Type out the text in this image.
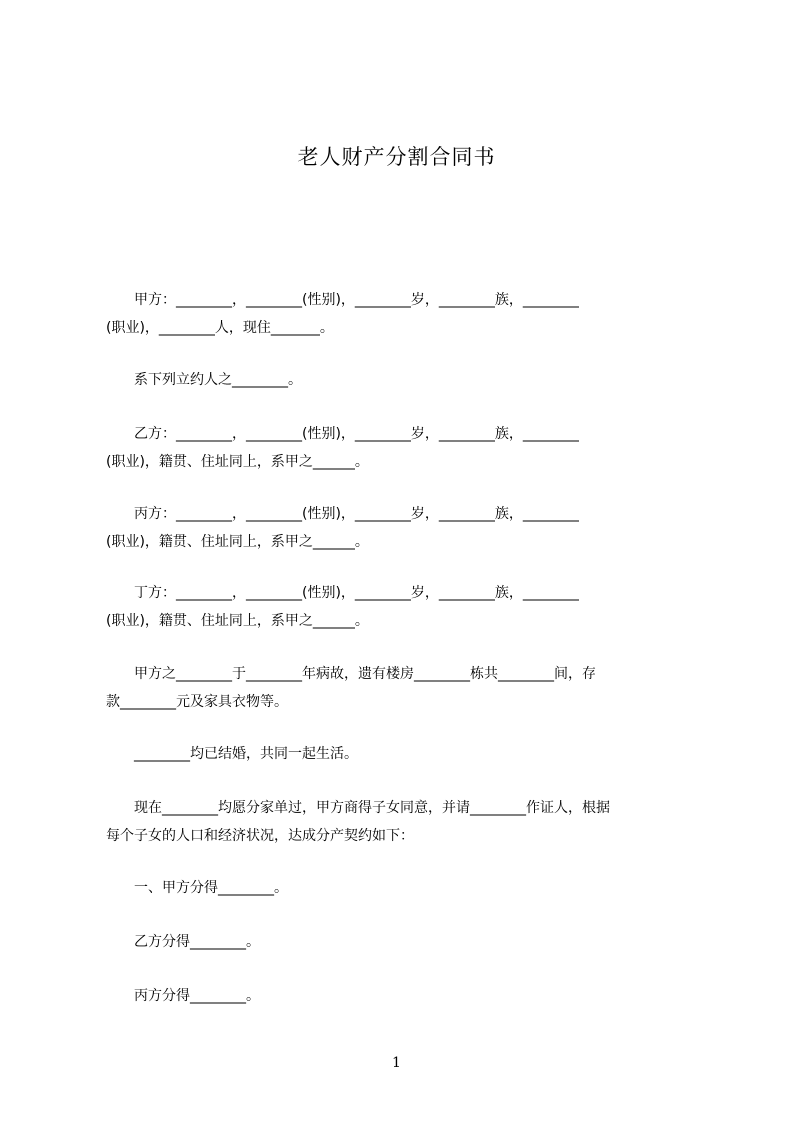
老人财产分割合同书

　　甲方：________，________(性别)，________岁，________族，________
(职业)，________人，现住_______。

　　系下列立约人之________。

　　乙方：________，________(性别)，________岁，________族，________
(职业)，籍贯、住址同上，系甲之______。

　　丙方：________，________(性别)，________岁，________族，________
(职业)，籍贯、住址同上，系甲之______。

　　丁方：________，________(性别)，________岁，________族，________
(职业)，籍贯、住址同上，系甲之______。

　　甲方之________于________年病故，遗有楼房________栋共________间，存
款________元及家具衣物等。

　　________均已结婚，共同一起生活。

　　现在________均愿分家单过，甲方商得子女同意，并请________作证人，根据
每个子女的人口和经济状况，达成分产契约如下：

　　一、甲方分得________。

　　乙方分得________。

　　丙方分得________。

1
